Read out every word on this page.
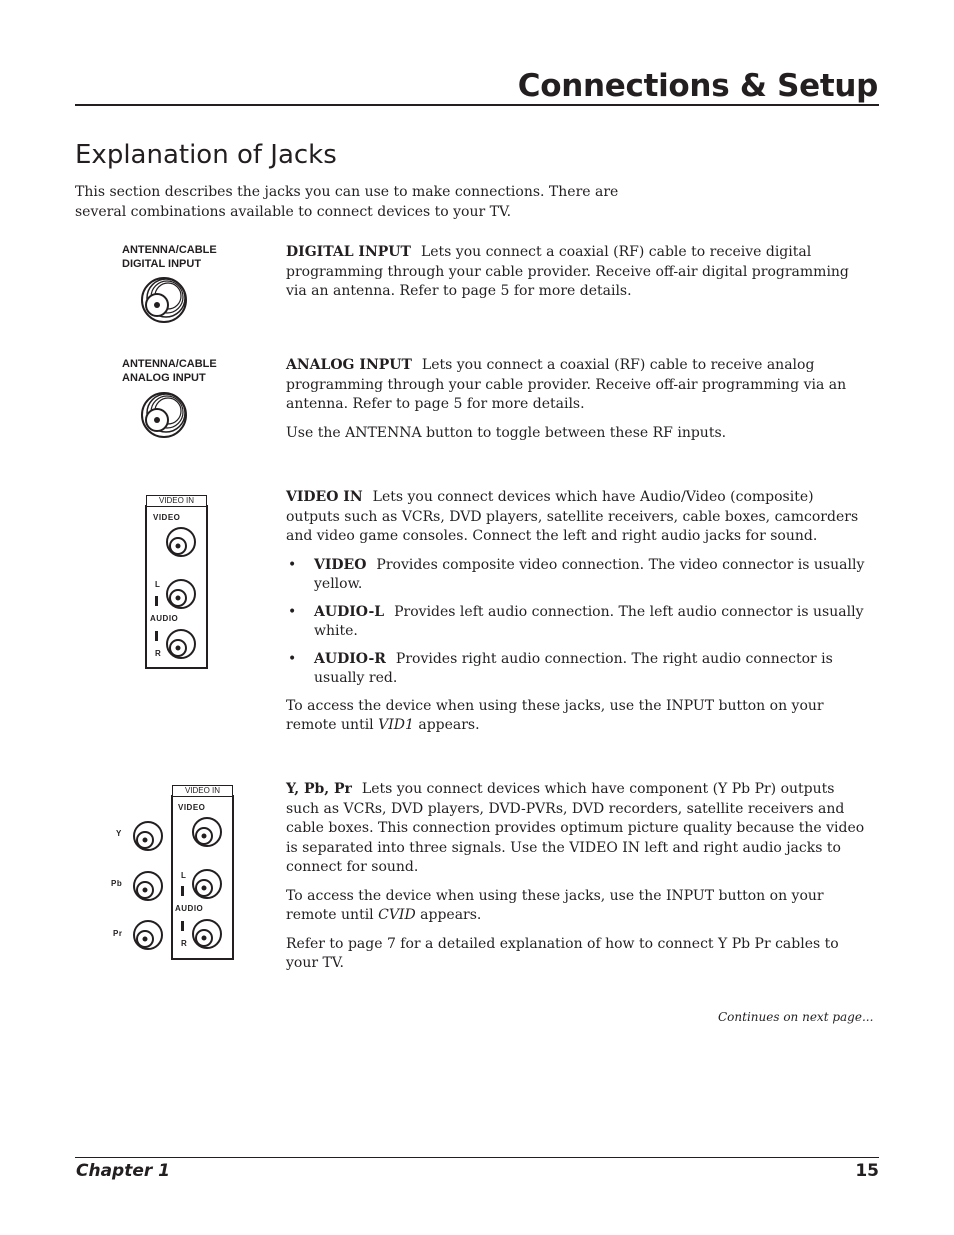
Connections & Setup
Explanation of Jacks

This section describes the jacks you can use to make connections. There are several combinations available to connect devices to your TV.

ANTENNA/CABLE
DIGITAL INPUT

DIGITAL INPUT Lets you connect a coaxial (RF) cable to receive digital programming through your cable provider. Receive off-air digital programming via an antenna. Refer to page 5 for more details.

ANTENNA/CABLE
ANALOG INPUT

ANALOG INPUT Lets you connect a coaxial (RF) cable to receive analog programming through your cable provider. Receive off-air programming via an antenna. Refer to page 5 for more details.

Use the ANTENNA button to toggle between these RF inputs.

VIDEO IN
VIDEO
L
AUDIO
R

VIDEO IN Lets you connect devices which have Audio/Video (composite) outputs such as VCRs, DVD players, satellite receivers, cable boxes, camcorders and video game consoles. Connect the left and right audio jacks for sound.

• VIDEO Provides composite video connection. The video connector is usually yellow.
• AUDIO-L Provides left audio connection. The left audio connector is usually white.
• AUDIO-R Provides right audio connection. The right audio connector is usually red.

To access the device when using these jacks, use the INPUT button on your remote until VID1 appears.

Y
Pb
Pr
VIDEO IN
VIDEO
L
AUDIO
R

Y, Pb, Pr Lets you connect devices which have component (Y Pb Pr) outputs such as VCRs, DVD players, DVD-PVRs, DVD recorders, satellite receivers and cable boxes. This connection provides optimum picture quality because the video is separated into three signals. Use the VIDEO IN left and right audio jacks to connect for sound.

To access the device when using these jacks, use the INPUT button on your remote until CVID appears.

Refer to page 7 for a detailed explanation of how to connect Y Pb Pr cables to your TV.

Continues on next page...
Chapter 1	15
